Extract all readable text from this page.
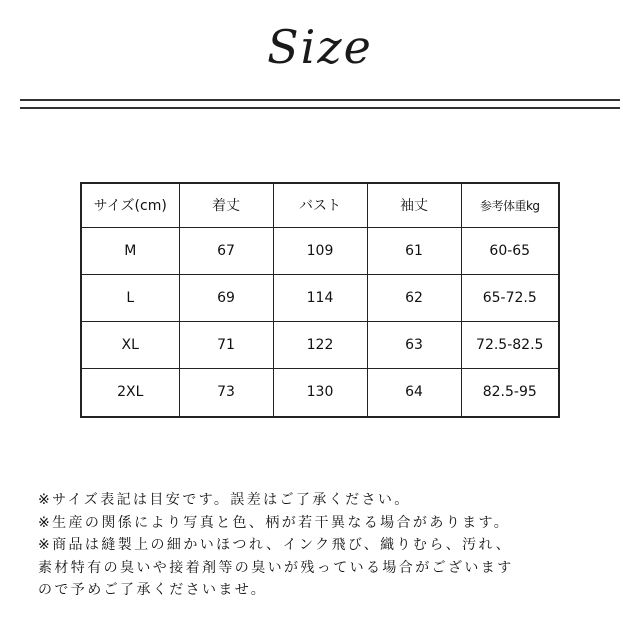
Size
サイズ(cm)	着丈	バスト	袖丈	参考体重kg
M	67	109	61	60-65
L	69	114	62	65-72.5
XL	71	122	63	72.5-82.5
2XL	73	130	64	82.5-95
※サイズ表記は目安です。誤差はご了承ください。
※生産の関係により写真と色、柄が若干異なる場合があります。
※商品は縫製上の細かいほつれ、インク飛び、織りむら、汚れ、
素材特有の臭いや接着剤等の臭いが残っている場合がございます
ので予めご了承くださいませ。
